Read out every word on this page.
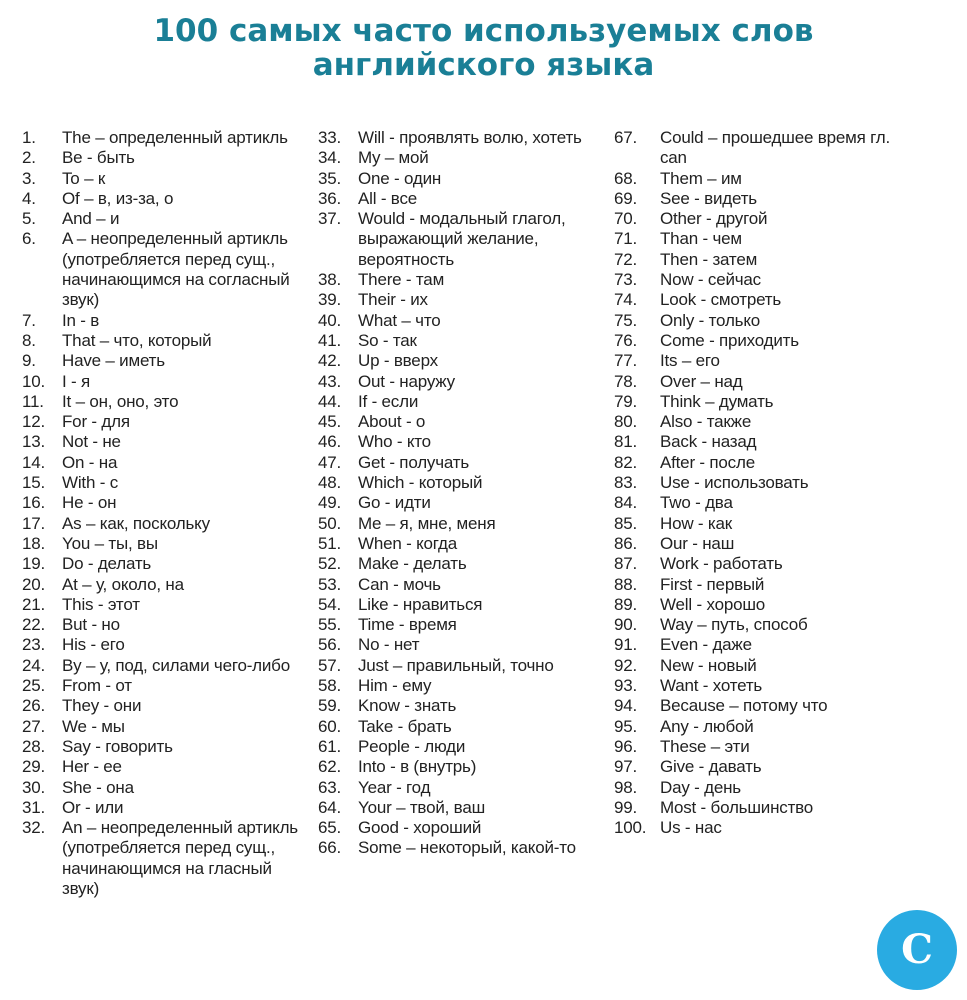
100 самых часто используемых слов
английского языка
1.	The – определенный артикль
2.	Be - быть
3.	To – к
4.	Of – в, из-за, о
5.	And – и
6.	A – неопределенный артикль (употребляется перед сущ., начинающимся на согласный звук)
7.	In - в
8.	That – что, который
9.	Have – иметь
10. I - я
11.	It – он, оно, это
12. For - для
13. Not - не
14. On - на
15. With - с
16. He - он
17. As – как, поскольку
18. You – ты, вы
19. Do - делать
20. At – у, около, на
21. This - этот
22. But - но
23. His - его
24. By – у, под, силами чего-либо
25. From - от
26. They - они
27. We - мы
28. Say - говорить
29. Her - ее
30. She - она
31. Or - или
32. An – неопределенный артикль (употребляется перед сущ., начинающимся на гласный звук)
33. Will - проявлять волю, хотеть
34. My – мой
35. One - один
36. All - все
37. Would - модальный глагол, выражающий желание, вероятность
38. There - там
39. Their - их
40. What – что
41. So - так
42. Up - вверх
43. Out - наружу
44. If - если
45. About - о
46. Who - кто
47. Get - получать
48. Which - который
49. Go - идти
50. Me – я, мне, меня
51. When - когда
52. Make - делать
53. Can - мочь
54. Like - нравиться
55. Time - время
56. No - нет
57. Just – правильный, точно
58. Him - ему
59. Know - знать
60. Take - брать
61. People - люди
62. Into - в (внутрь)
63. Year - год
64. Your – твой, ваш
65. Good - хороший
66. Some – некоторый, какой-то
67.	Could – прошедшее время гл. can
68.	Them – им
69.	See - видеть
70.	Other - другой
71.	Than - чем
72.	Then - затем
73.	Now - сейчас
74.	Look - смотреть
75.	Only - только
76.	Come - приходить
77.	Its – его
78.	Over – над
79.	Think – думать
80.	Also - также
81.	Back - назад
82.	After - после
83.	Use - использовать
84.	Two - два
85.	How - как
86.	Our - наш
87.	Work - работать
88.	First - первый
89.	Well - хорошо
90.	Way – путь, способ
91.	Even - даже
92.	New - новый
93.	Want - хотеть
94.	Because – потому что
95.	Any - любой
96.	These – эти
97.	Give - давать
98.	Day - день
99.	Most - большинство
100. Us - нас
C
